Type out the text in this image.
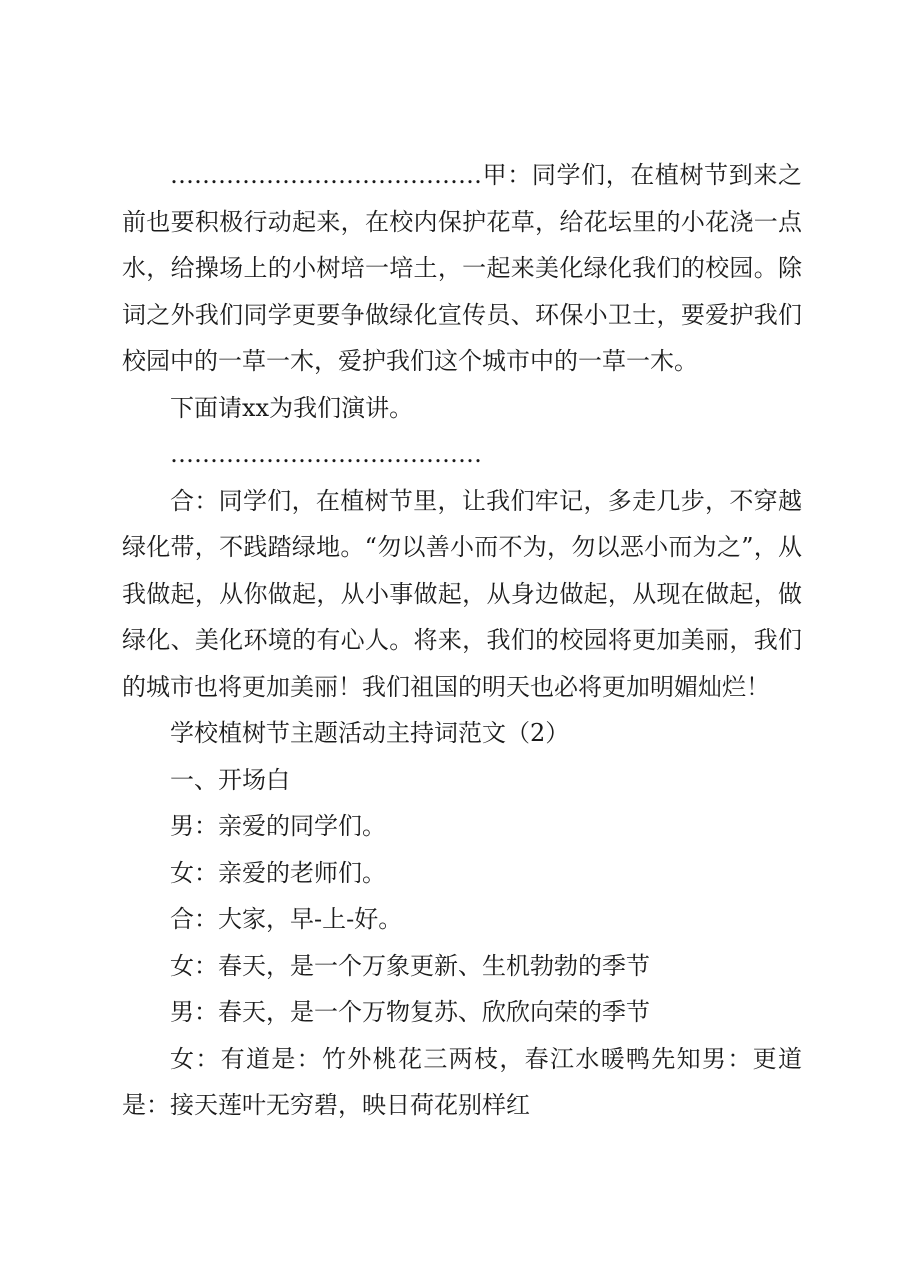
…………………………………甲：同学们，在植树节到来之前也要积极行动起来，在校内保护花草，给花坛里的小花浇一点水，给操场上的小树培一培土，一起来美化绿化我们的校园。除词之外我们同学更要争做绿化宣传员、环保小卫士，要爱护我们校园中的一草一木，爱护我们这个城市中的一草一木。

下面请xx为我们演讲。

…………………………………

合：同学们，在植树节里，让我们牢记，多走几步，不穿越绿化带，不践踏绿地。“勿以善小而不为，勿以恶小而为之”，从我做起，从你做起，从小事做起，从身边做起，从现在做起，做绿化、美化环境的有心人。将来，我们的校园将更加美丽，我们的城市也将更加美丽！我们祖国的明天也必将更加明媚灿烂！

学校植树节主题活动主持词范文（2）

一、开场白

男：亲爱的同学们。

女：亲爱的老师们。

合：大家，早-上-好。

女：春天，是一个万象更新、生机勃勃的季节

男：春天，是一个万物复苏、欣欣向荣的季节

女：有道是：竹外桃花三两枝，春江水暖鸭先知男：更道是：接天莲叶无穷碧，映日荷花别样红
